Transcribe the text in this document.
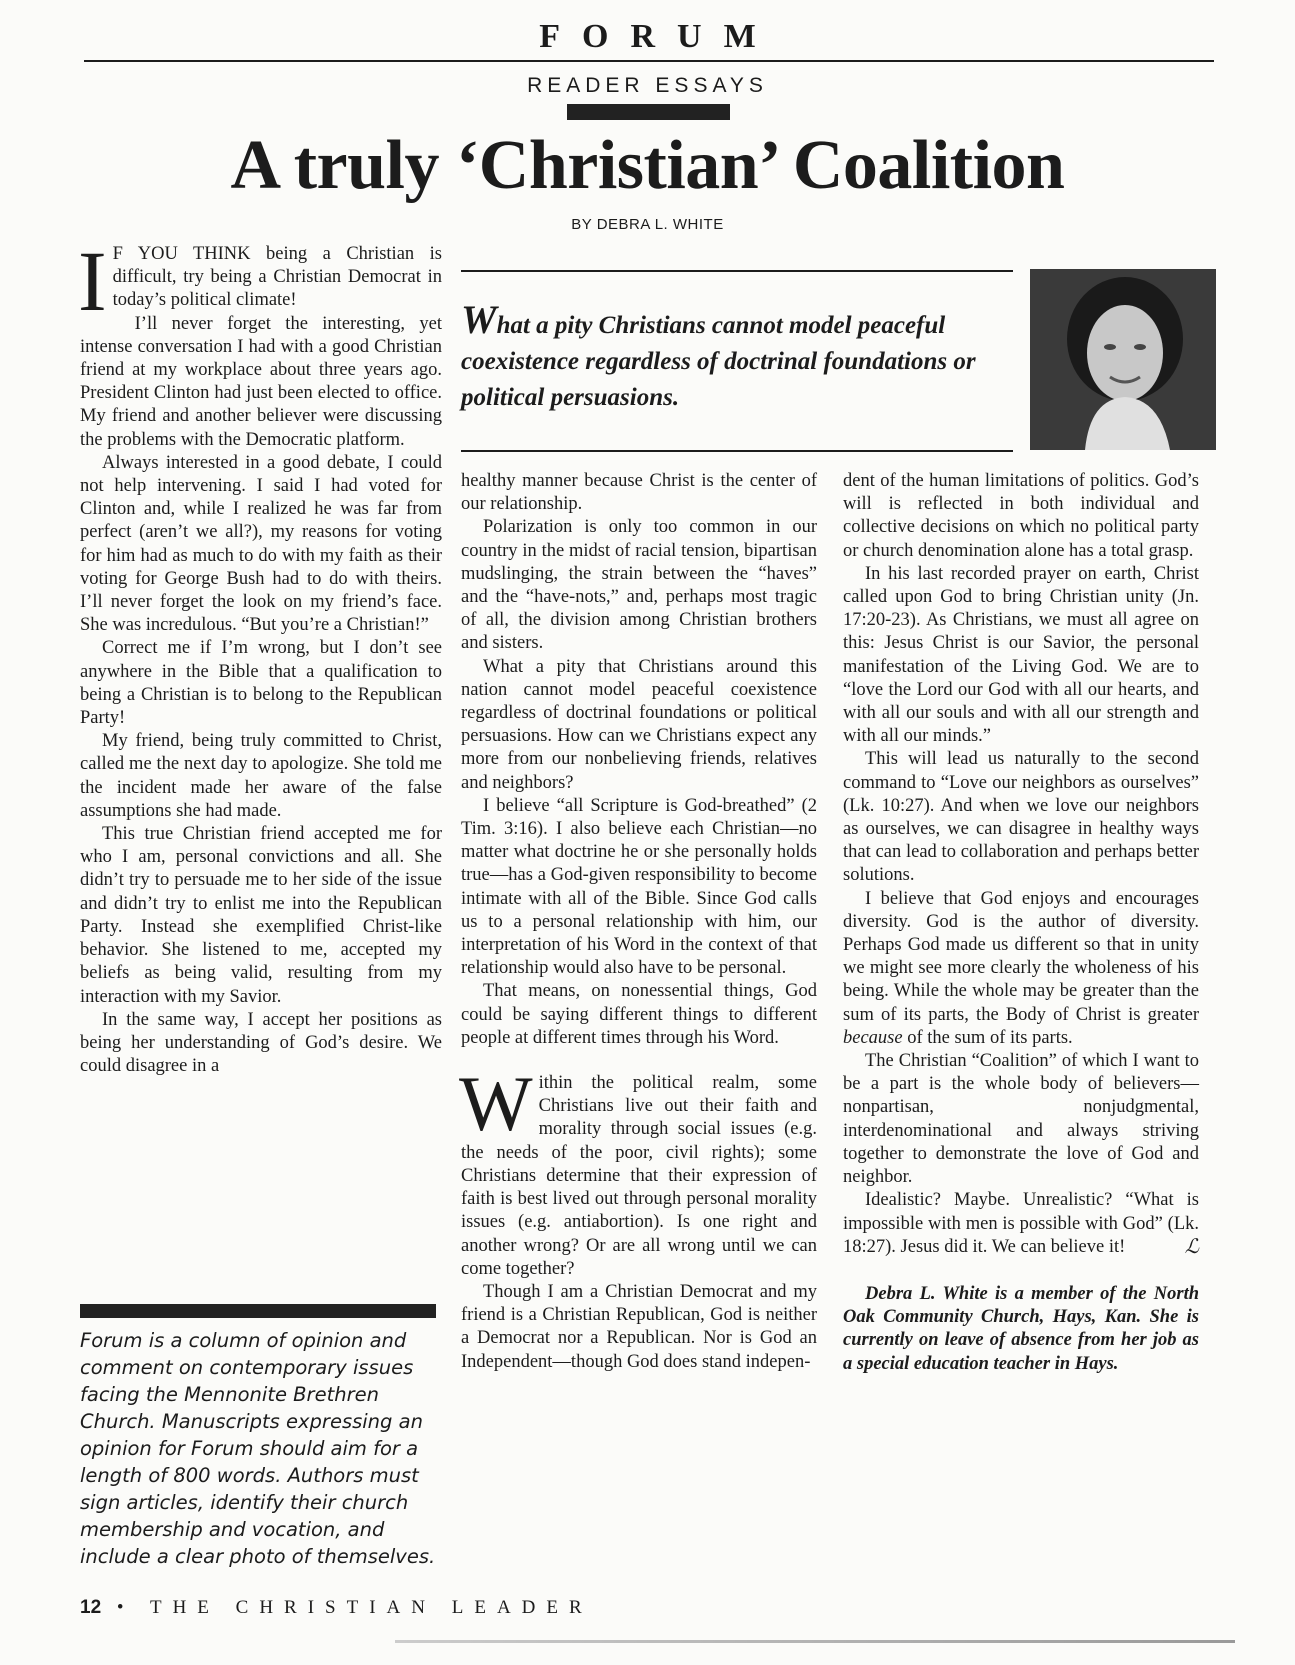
FORUM
READER ESSAYS
A truly ‘Christian’ Coalition
BY DEBRA L. WHITE

I F YOU THINK being a Christian is difficult, try being a Christian Democrat in today’s political climate!

I’ll never forget the interesting, yet intense conversation I had with a good Christian friend at my workplace about three years ago. President Clinton had just been elected to office. My friend and another believer were discussing the problems with the Democratic platform.

Always interested in a good debate, I could not help intervening. I said I had voted for Clinton and, while I realized he was far from perfect (aren’t we all?), my reasons for voting for him had as much to do with my faith as their voting for George Bush had to do with theirs. I’ll never forget the look on my friend’s face. She was incredulous. “But you’re a Christian!”

Correct me if I’m wrong, but I don’t see anywhere in the Bible that a qualification to being a Christian is to belong to the Republican Party!

My friend, being truly committed to Christ, called me the next day to apologize. She told me the incident made her aware of the false assumptions she had made.

This true Christian friend accepted me for who I am, personal convictions and all. She didn’t try to persuade me to her side of the issue and didn’t try to enlist me into the Republican Party. Instead she exemplified Christ-like behavior. She listened to me, accepted my beliefs as being valid, resulting from my interaction with my Savior.

In the same way, I accept her positions as being her understanding of God’s desire. We could disagree in a

Forum is a column of opinion and comment on contemporary issues facing the Mennonite Brethren Church. Manuscripts expressing an opinion for Forum should aim for a length of 800 words. Authors must sign articles, identify their church membership and vocation, and include a clear photo of themselves.
What a pity Christians cannot model peaceful coexistence regardless of doctrinal foundations or political persuasions.

healthy manner because Christ is the center of our relationship.

Polarization is only too common in our country in the midst of racial tension, bipartisan mudslinging, the strain between the “haves” and the “have-nots,” and, perhaps most tragic of all, the division among Christian brothers and sisters.

What a pity that Christians around this nation cannot model peaceful coexistence regardless of doctrinal foundations or political persuasions. How can we Christians expect any more from our nonbelieving friends, relatives and neighbors?

I believe “all Scripture is God-breathed” (2 Tim. 3:16). I also believe each Christian—no matter what doctrine he or she personally holds true—has a God-given responsibility to become intimate with all of the Bible. Since God calls us to a personal relationship with him, our interpretation of his Word in the context of that relationship would also have to be personal.

That means, on nonessential things, God could be saying different things to different people at different times through his Word.

Within the political realm, some Christians live out their faith and morality through social issues (e.g. the needs of the poor, civil rights); some Christians determine that their expression of faith is best lived out through personal morality issues (e.g. antiabortion). Is one right and another wrong? Or are all wrong until we can come together?

Though I am a Christian Democrat and my friend is a Christian Republican, God is neither a Democrat nor a Republican. Nor is God an Independent—though God does stand indepen-

dent of the human limitations of politics. God’s will is reflected in both individual and collective decisions on which no political party or church denomination alone has a total grasp.

In his last recorded prayer on earth, Christ called upon God to bring Christian unity (Jn. 17:20-23). As Christians, we must all agree on this: Jesus Christ is our Savior, the personal manifestation of the Living God. We are to “love the Lord our God with all our hearts, and with all our souls and with all our strength and with all our minds.”

This will lead us naturally to the second command to “Love our neighbors as ourselves” (Lk. 10:27). And when we love our neighbors as ourselves, we can disagree in healthy ways that can lead to collaboration and perhaps better solutions.

I believe that God enjoys and encourages diversity. God is the author of diversity. Perhaps God made us different so that in unity we might see more clearly the wholeness of his being. While the whole may be greater than the sum of its parts, the Body of Christ is greater because of the sum of its parts.

The Christian “Coalition” of which I want to be a part is the whole body of believers—nonpartisan, nonjudgmental, interdenominational and always striving together to demonstrate the love of God and neighbor.

Idealistic? Maybe. Unrealistic? “What is impossible with men is possible with God” (Lk. 18:27). Jesus did it. We can believe it!	ℒ

Debra L. White is a member of the North Oak Community Church, Hays, Kan. She is currently on leave of absence from her job as a special education teacher in Hays.

12 • THE CHRISTIAN LEADER
